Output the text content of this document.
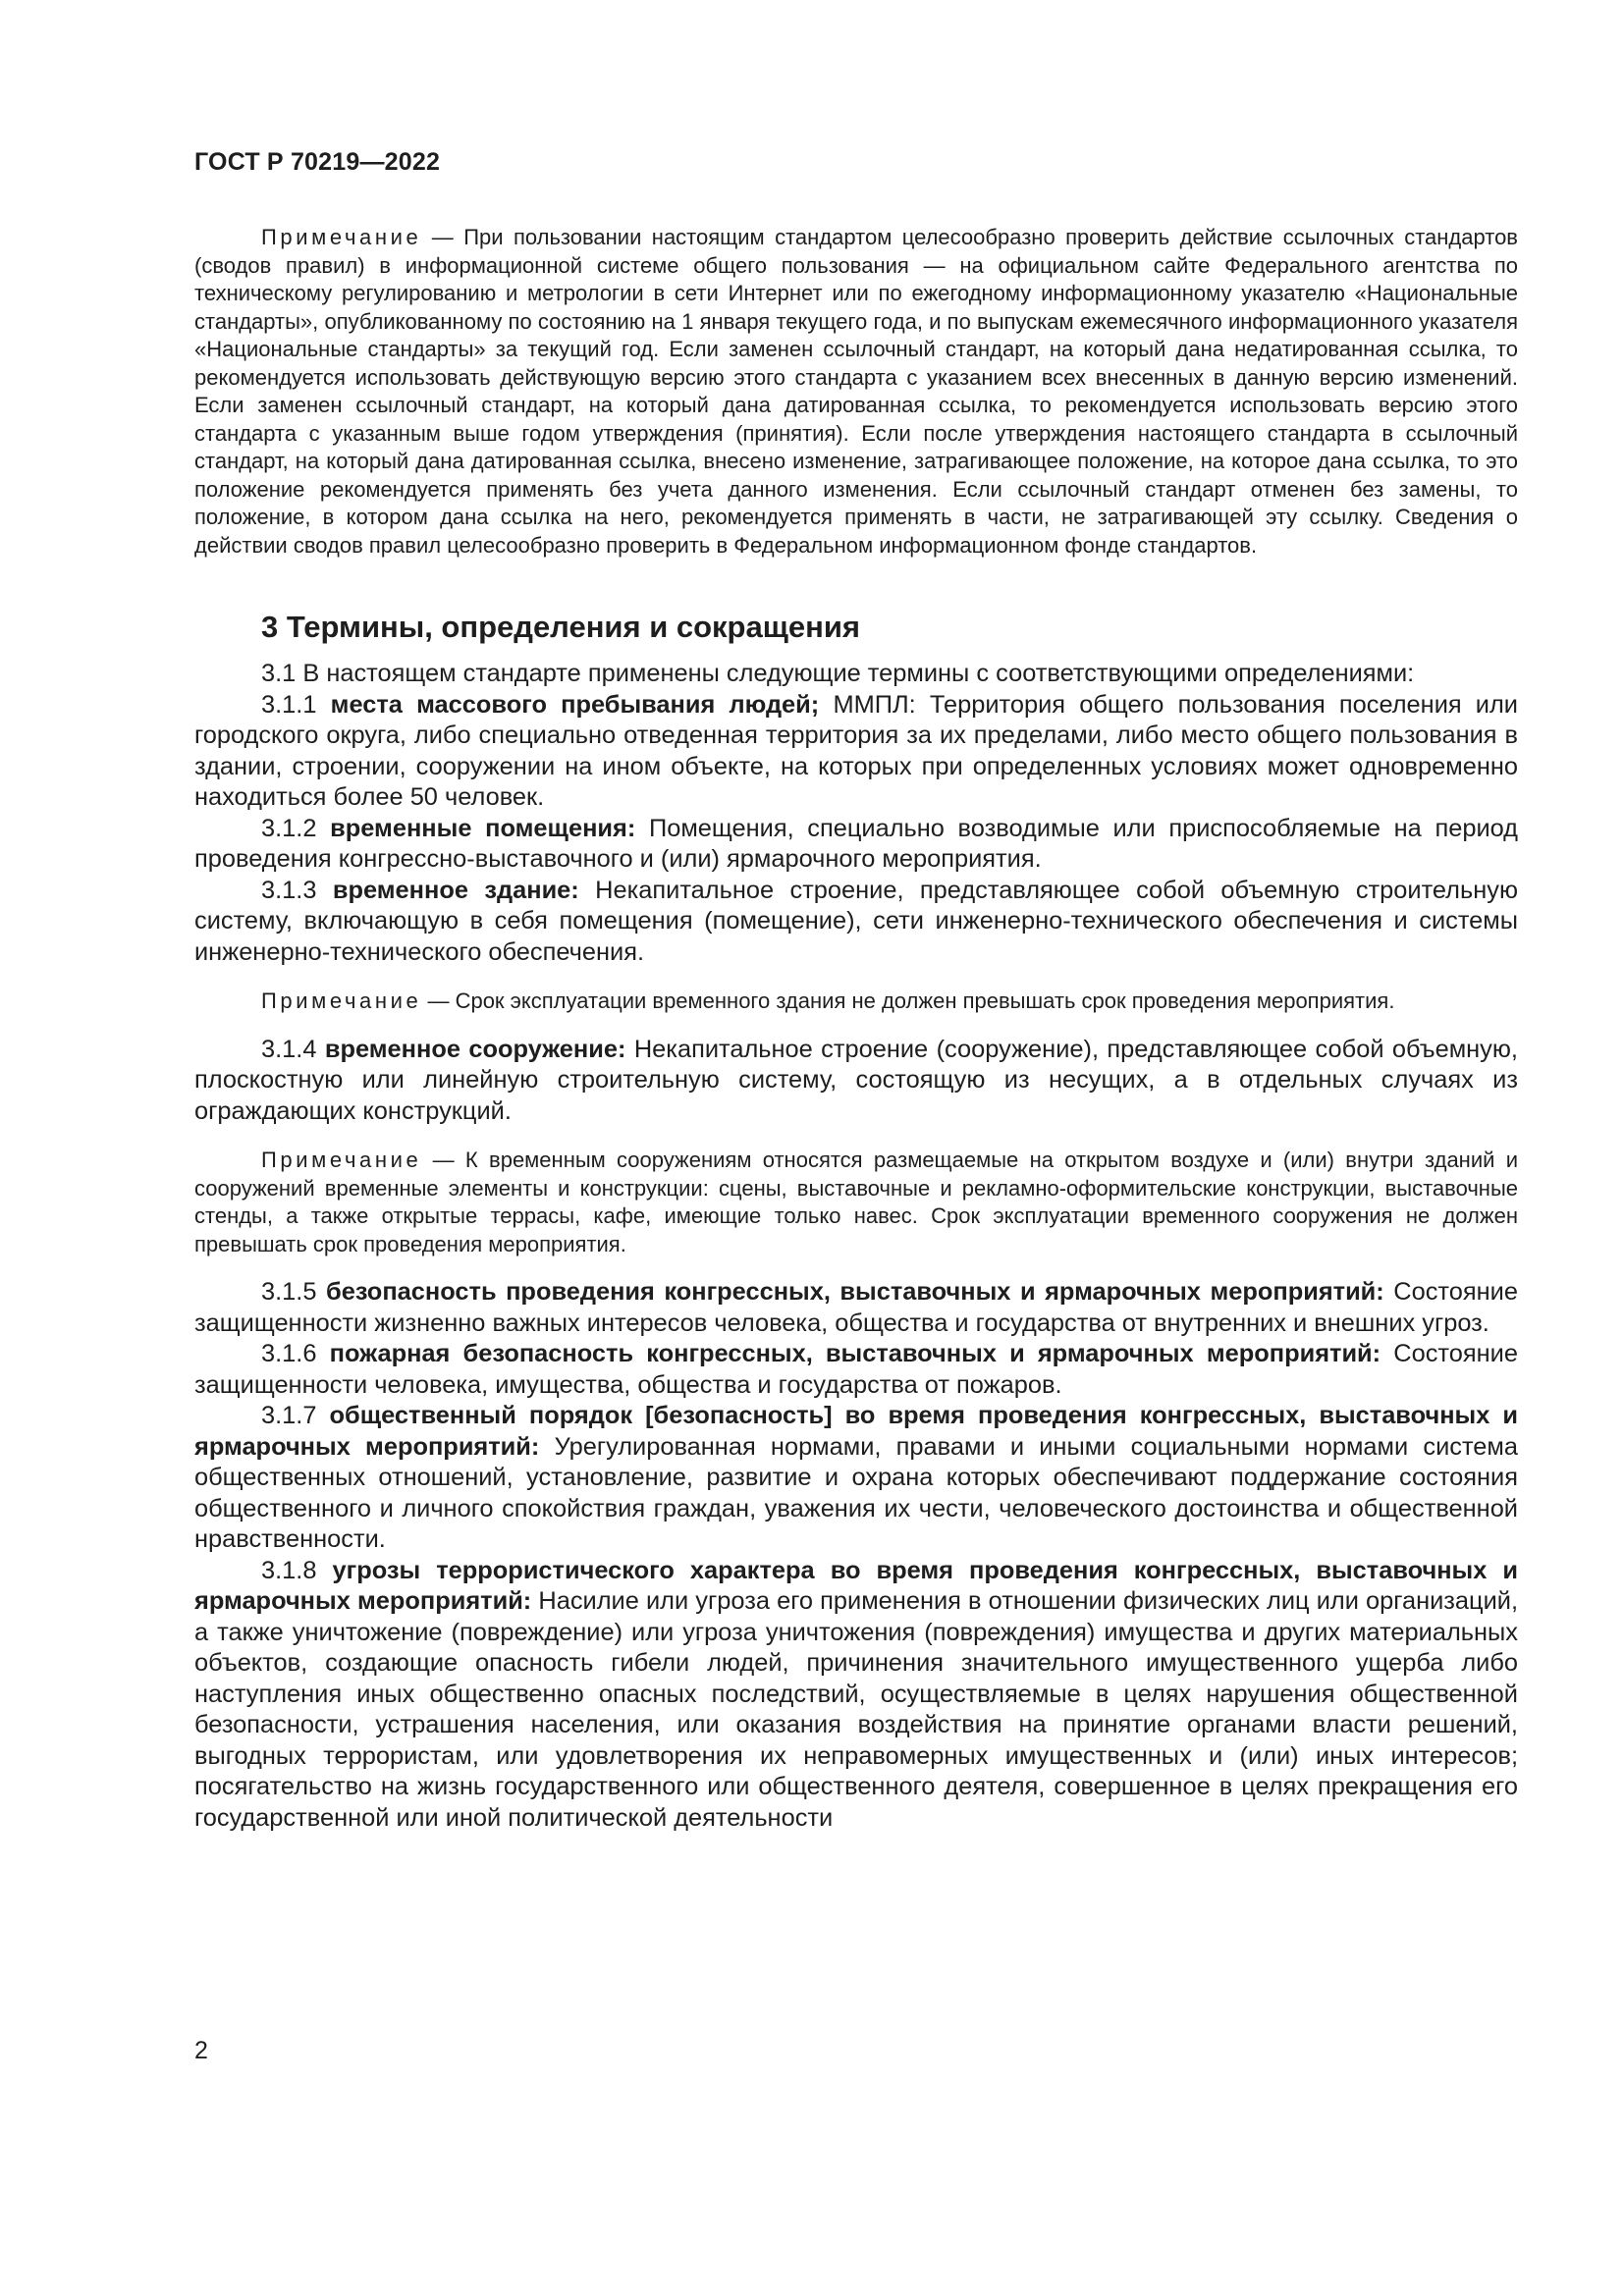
ГОСТ Р 70219—2022

Примечание — При пользовании настоящим стандартом целесообразно проверить действие ссылочных стандартов (сводов правил) в информационной системе общего пользования — на официальном сайте Федерального агентства по техническому регулированию и метрологии в сети Интернет или по ежегодному информационному указателю «Национальные стандарты», опубликованному по состоянию на 1 января текущего года, и по выпускам ежемесячного информационного указателя «Национальные стандарты» за текущий год. Если заменен ссылочный стандарт, на который дана недатированная ссылка, то рекомендуется использовать действующую версию этого стандарта с указанием всех внесенных в данную версию изменений. Если заменен ссылочный стандарт, на который дана датированная ссылка, то рекомендуется использовать версию этого стандарта с указанным выше годом утверждения (принятия). Если после утверждения настоящего стандарта в ссылочный стандарт, на который дана датированная ссылка, внесено изменение, затрагивающее положение, на которое дана ссылка, то это положение рекомендуется применять без учета данного изменения. Если ссылочный стандарт отменен без замены, то положение, в котором дана ссылка на него, рекомендуется применять в части, не затрагивающей эту ссылку. Сведения о действии сводов правил целесообразно проверить в Федеральном информационном фонде стандартов.

3 Термины, определения и сокращения

3.1 В настоящем стандарте применены следующие термины с соответствующими определениями:

3.1.1 места массового пребывания людей; ММПЛ: Территория общего пользования поселения или городского округа, либо специально отведенная территория за их пределами, либо место общего пользования в здании, строении, сооружении на ином объекте, на которых при определенных условиях может одновременно находиться более 50 человек.

3.1.2 временные помещения: Помещения, специально возводимые или приспособляемые на период проведения конгрессно-выставочного и (или) ярмарочного мероприятия.

3.1.3 временное здание: Некапитальное строение, представляющее собой объемную строительную систему, включающую в себя помещения (помещение), сети инженерно-технического обеспечения и системы инженерно-технического обеспечения.

Примечание — Срок эксплуатации временного здания не должен превышать срок проведения мероприятия.

3.1.4 временное сооружение: Некапитальное строение (сооружение), представляющее собой объемную, плоскостную или линейную строительную систему, состоящую из несущих, а в отдельных случаях из ограждающих конструкций.

Примечание — К временным сооружениям относятся размещаемые на открытом воздухе и (или) внутри зданий и сооружений временные элементы и конструкции: сцены, выставочные и рекламно-оформительские конструкции, выставочные стенды, а также открытые террасы, кафе, имеющие только навес. Срок эксплуатации временного сооружения не должен превышать срок проведения мероприятия.

3.1.5 безопасность проведения конгрессных, выставочных и ярмарочных мероприятий: Состояние защищенности жизненно важных интересов человека, общества и государства от внутренних и внешних угроз.

3.1.6 пожарная безопасность конгрессных, выставочных и ярмарочных мероприятий: Состояние защищенности человека, имущества, общества и государства от пожаров.

3.1.7 общественный порядок [безопасность] во время проведения конгрессных, выставочных и ярмарочных мероприятий: Урегулированная нормами, правами и иными социальными нормами система общественных отношений, установление, развитие и охрана которых обеспечивают поддержание состояния общественного и личного спокойствия граждан, уважения их чести, человеческого достоинства и общественной нравственности.

3.1.8 угрозы террористического характера во время проведения конгрессных, выставочных и ярмарочных мероприятий: Насилие или угроза его применения в отношении физических лиц или организаций, а также уничтожение (повреждение) или угроза уничтожения (повреждения) имущества и других материальных объектов, создающие опасность гибели людей, причинения значительного имущественного ущерба либо наступления иных общественно опасных последствий, осуществляемые в целях нарушения общественной безопасности, устрашения населения, или оказания воздействия на принятие органами власти решений, выгодных террористам, или удовлетворения их неправомерных имущественных и (или) иных интересов; посягательство на жизнь государственного или общественного деятеля, совершенное в целях прекращения его государственной или иной политической деятельности

2
